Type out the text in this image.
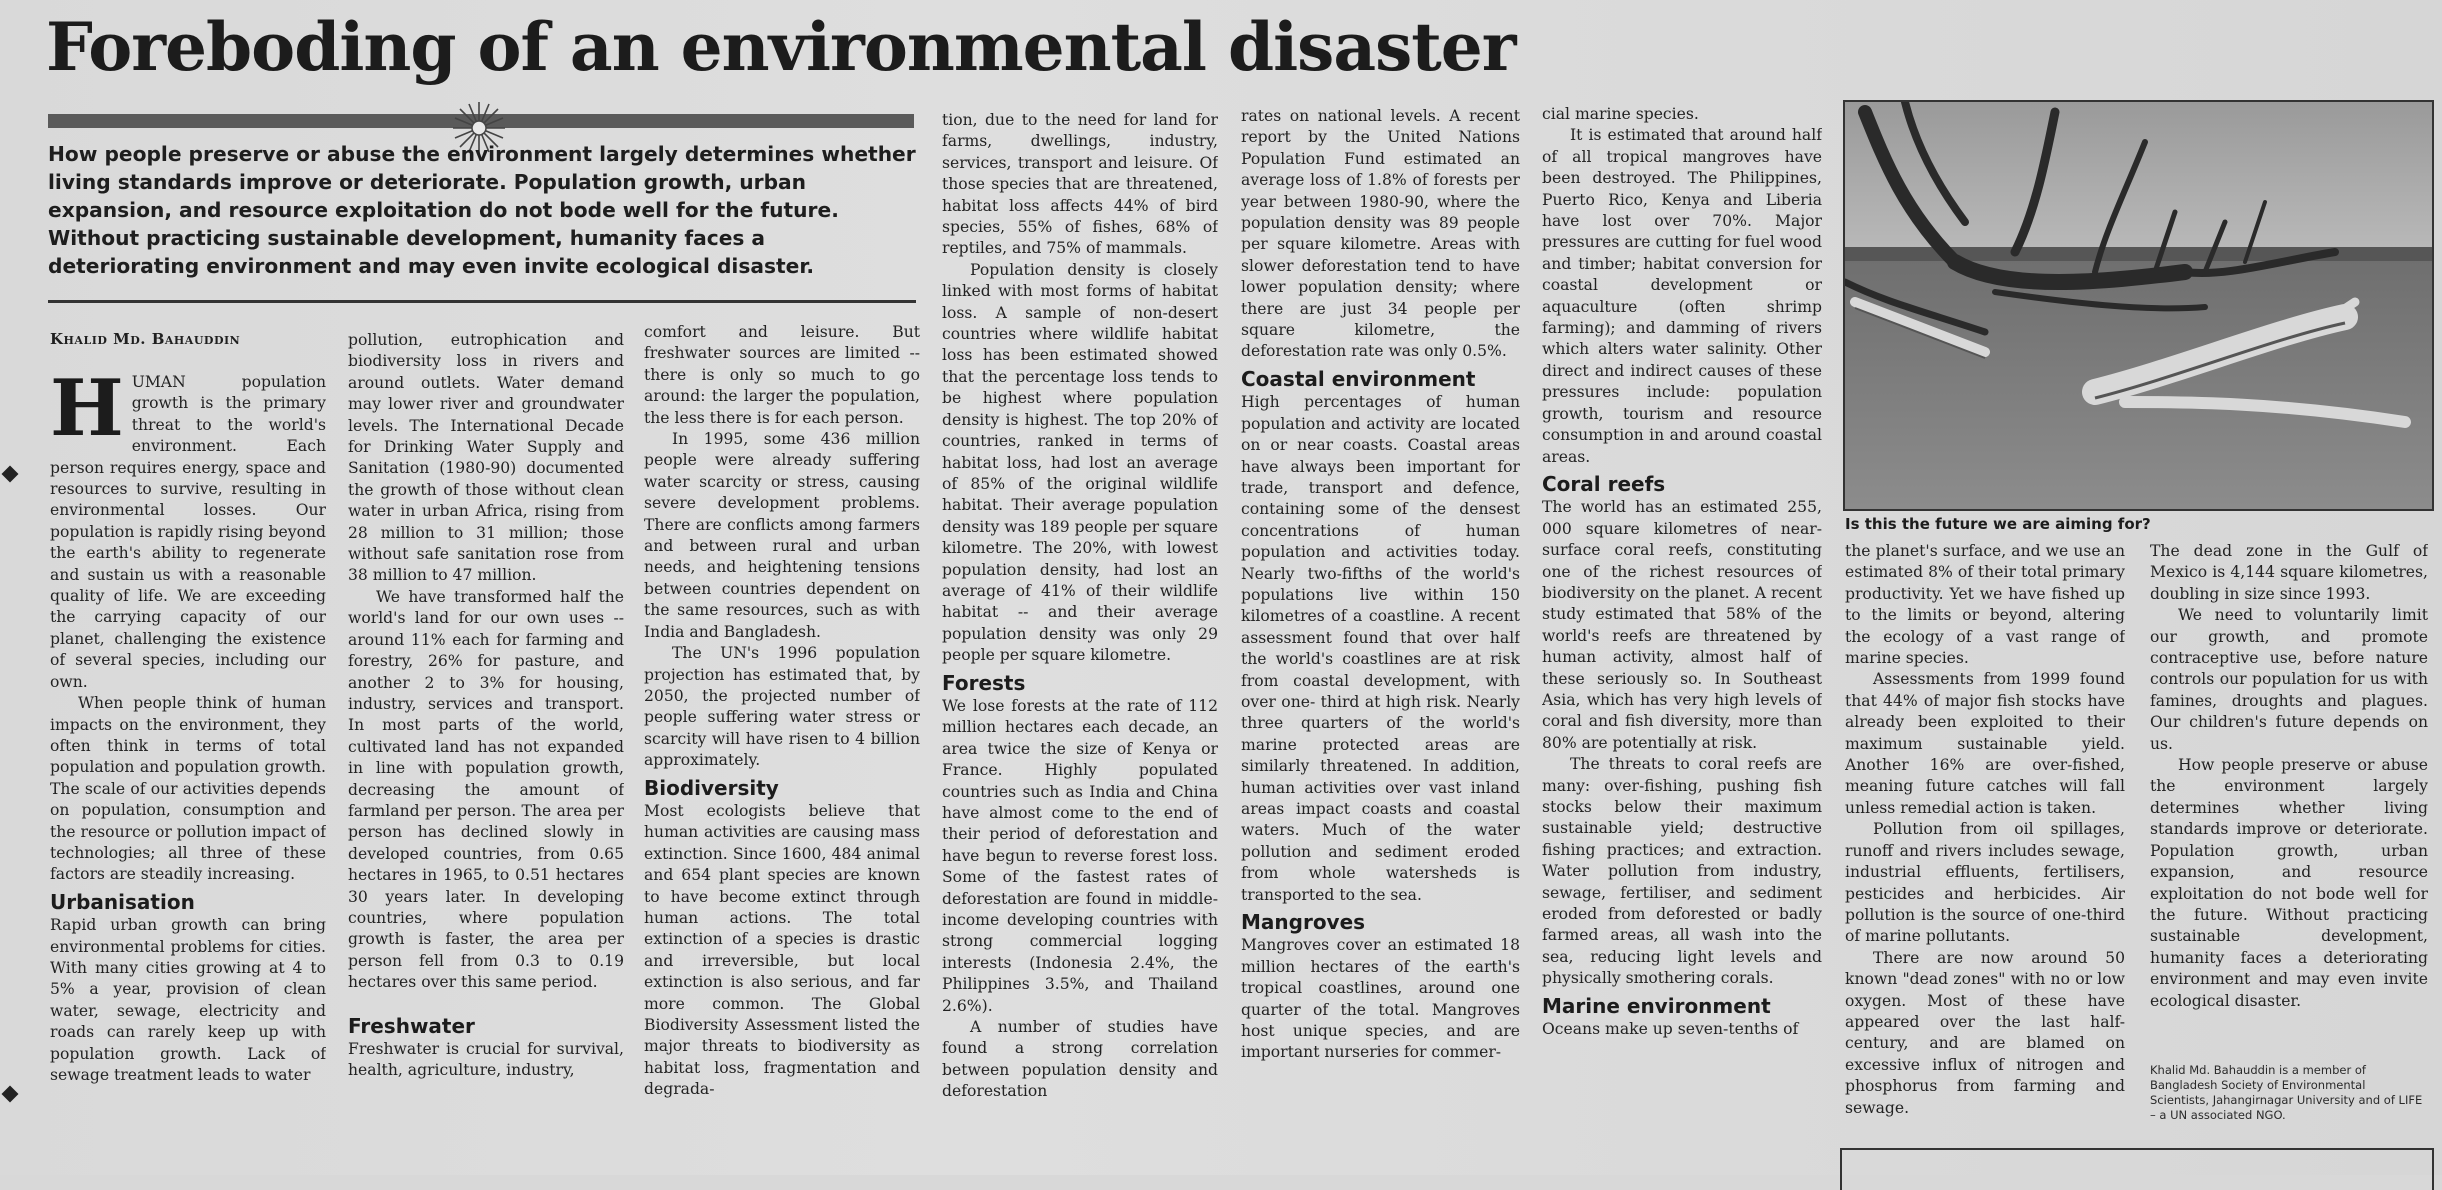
Foreboding of an environmental disaster
How people preserve or abuse the environment largely determines whether living standards improve or deteriorate. Population growth, urban expansion, and resource exploitation do not bode well for the future. Without practicing sustainable development, humanity faces a deteriorating environment and may even invite ecological disaster.
Khalid Md. Bahauddin

HUMAN population growth is the primary threat to the world's environment. Each person requires energy, space and resources to survive, resulting in environmental losses. Our population is rapidly rising beyond the earth's ability to regenerate and sustain us with a reasonable quality of life. We are exceeding the carrying capacity of our planet, challenging the existence of several species, including our own.

When people think of human impacts on the environment, they often think in terms of total population and population growth. The scale of our activities depends on population, consumption and the resource or pollution impact of technologies; all three of these factors are steadily increasing.

Urbanisation

Rapid urban growth can bring environmental problems for cities. With many cities growing at 4 to 5% a year, provision of clean water, sewage, electricity and roads can rarely keep up with population growth. Lack of sewage treatment leads to water

pollution, eutrophication and biodiversity loss in rivers and around outlets. Water demand may lower river and groundwater levels. The International Decade for Drinking Water Supply and Sanitation (1980-90) documented the growth of those without clean water in urban Africa, rising from 28 million to 31 million; those without safe sanitation rose from 38 million to 47 million.

We have transformed half the world's land for our own uses -- around 11% each for farming and forestry, 26% for pasture, and another 2 to 3% for housing, industry, services and transport. In most parts of the world, cultivated land has not expanded in line with population growth, decreasing the amount of farmland per person. The area per person has declined slowly in developed countries, from 0.65 hectares in 1965, to 0.51 hectares 30 years later. In developing countries, where population growth is faster, the area per person fell from 0.3 to 0.19 hectares over this same period.

Freshwater

Freshwater is crucial for survival, health, agriculture, industry,

comfort and leisure. But freshwater sources are limited -- there is only so much to go around: the larger the population, the less there is for each person.

In 1995, some 436 million people were already suffering water scarcity or stress, causing severe development problems. There are conflicts among farmers and between rural and urban needs, and heightening tensions between countries dependent on the same resources, such as with India and Bangladesh.

The UN's 1996 population projection has estimated that, by 2050, the projected number of people suffering water stress or scarcity will have risen to 4 billion approximately.

Biodiversity

Most ecologists believe that human activities are causing mass extinction. Since 1600, 484 animal and 654 plant species are known to have become extinct through human actions. The total extinction of a species is drastic and irreversible, but local extinction is also serious, and far more common. The Global Biodiversity Assessment listed the major threats to biodiversity as habitat loss, fragmentation and degrada-

tion, due to the need for land for farms, dwellings, industry, services, transport and leisure. Of those species that are threatened, habitat loss affects 44% of bird species, 55% of fishes, 68% of reptiles, and 75% of mammals.

Population density is closely linked with most forms of habitat loss. A sample of non-desert countries where wildlife habitat loss has been estimated showed that the percentage loss tends to be highest where population density is highest. The top 20% of countries, ranked in terms of habitat loss, had lost an average of 85% of the original wildlife habitat. Their average population density was 189 people per square kilometre. The 20%, with lowest population density, had lost an average of 41% of their wildlife habitat -- and their average population density was only 29 people per square kilometre.

Forests

We lose forests at the rate of 112 million hectares each decade, an area twice the size of Kenya or France. Highly populated countries such as India and China have almost come to the end of their period of deforestation and have begun to reverse forest loss. Some of the fastest rates of deforestation are found in middle-income developing countries with strong commercial logging interests (Indonesia 2.4%, the Philippines 3.5%, and Thailand 2.6%).

A number of studies have found a strong correlation between population density and deforestation

rates on national levels. A recent report by the United Nations Population Fund estimated an average loss of 1.8% of forests per year between 1980-90, where the population density was 89 people per square kilometre. Areas with slower deforestation tend to have lower population density; where there are just 34 people per square kilometre, the deforestation rate was only 0.5%.

Coastal environment

High percentages of human population and activity are located on or near coasts. Coastal areas have always been important for trade, transport and defence, containing some of the densest concentrations of human population and activities today. Nearly two-fifths of the world's populations live within 150 kilometres of a coastline. A recent assessment found that over half the world's coastlines are at risk from coastal development, with over one- third at high risk. Nearly three quarters of the world's marine protected areas are similarly threatened. In addition, human activities over vast inland areas impact coasts and coastal waters. Much of the water pollution and sediment eroded from whole watersheds is transported to the sea.

Mangroves

Mangroves cover an estimated 18 million hectares of the earth's tropical coastlines, around one quarter of the total. Mangroves host unique species, and are important nurseries for commer-

cial marine species.

It is estimated that around half of all tropical mangroves have been destroyed. The Philippines, Puerto Rico, Kenya and Liberia have lost over 70%. Major pressures are cutting for fuel wood and timber; habitat conversion for coastal development or aquaculture (often shrimp farming); and damming of rivers which alters water salinity. Other direct and indirect causes of these pressures include: population growth, tourism and resource consumption in and around coastal areas.

Coral reefs

The world has an estimated 255, 000 square kilometres of near-surface coral reefs, constituting one of the richest resources of biodiversity on the planet. A recent study estimated that 58% of the world's reefs are threatened by human activity, almost half of these seriously so. In Southeast Asia, which has very high levels of coral and fish diversity, more than 80% are potentially at risk.

The threats to coral reefs are many: over-fishing, pushing fish stocks below their maximum sustainable yield; destructive fishing practices; and extraction. Water pollution from industry, sewage, fertiliser, and sediment eroded from deforested or badly farmed areas, all wash into the sea, reducing light levels and physically smothering corals.

Marine environment

Oceans make up seven-tenths of

Is this the future we are aiming for?

the planet's surface, and we use an estimated 8% of their total primary productivity. Yet we have fished up to the limits or beyond, altering the ecology of a vast range of marine species.

Assessments from 1999 found that 44% of major fish stocks have already been exploited to their maximum sustainable yield. Another 16% are over-fished, meaning future catches will fall unless remedial action is taken.

Pollution from oil spillages, runoff and rivers includes sewage, industrial effluents, fertilisers, pesticides and herbicides. Air pollution is the source of one-third of marine pollutants.

There are now around 50 known "dead zones" with no or low oxygen. Most of these have appeared over the last half-century, and are blamed on excessive influx of nitrogen and phosphorus from farming and sewage.

The dead zone in the Gulf of Mexico is 4,144 square kilometres, doubling in size since 1993.

We need to voluntarily limit our growth, and promote contraceptive use, before nature controls our population for us with famines, droughts and plagues. Our children's future depends on us.

How people preserve or abuse the environment largely determines whether living standards improve or deteriorate. Population growth, urban expansion, and resource exploitation do not bode well for the future. Without practicing sustainable development, humanity faces a deteriorating environment and may even invite ecological disaster.

Khalid Md. Bahauddin is a member of Bangladesh Society of Environmental Scientists, Jahangirnagar University and of LIFE – a UN associated NGO.
